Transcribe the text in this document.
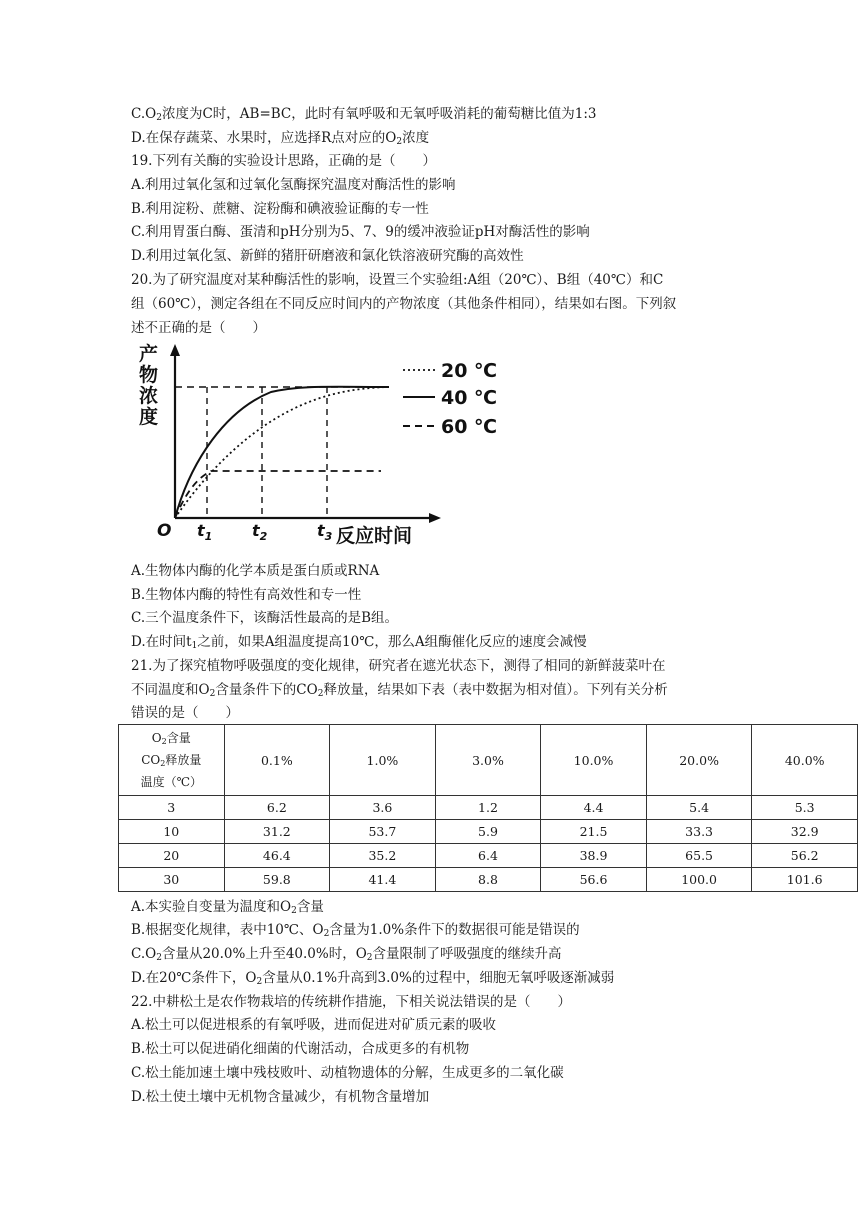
$C.O_2$浓度为C时，AB=BC，此时有氧呼吸和无氧呼吸消耗的葡萄糖比值为1:3
D.在保存蔬菜、水果时，应选择R点对应的$O_2$浓度
19.下列有关酶的实验设计思路，正确的是（　　）
A.利用过氧化氢和过氧化氢酶探究温度对酶活性的影响
B.利用淀粉、蔗糖、淀粉酶和碘液验证酶的专一性
C.利用胃蛋白酶、蛋清和pH分别为5、7、9的缓冲液验证pH对酶活性的影响
D.利用过氧化氢、新鲜的猪肝研磨液和氯化铁溶液研究酶的高效性
20.为了研究温度对某种酶活性的影响，设置三个实验组:A组（20℃）、B组（40℃）和C
组（60℃），测定各组在不同反应时间内的产物浓度（其他条件相同），结果如右图。下列叙
述不正确的是（　　）
A.生物体内酶的化学本质是蛋白质或RNA
B.生物体内酶的特性有高效性和专一性
C.三个温度条件下，该酶活性最高的是B组。
D.在时间$t_1$之前，如果A组温度提高10℃，那么A组酶催化反应的速度会减慢
21.为了探究植物呼吸强度的变化规律，研究者在遮光状态下，测得了相同的新鲜菠菜叶在
不同温度和$O_2$含量条件下的$CO_2$释放量，结果如下表（表中数据为相对值）。下列有关分析
错误的是（　　）
A.本实验自变量为温度和$O_2$含量
B.根据变化规律，表中10℃、$O_2$含量为1.0%条件下的数据很可能是错误的
$C.O_2$含量从20.0%上升至40.0%时，$O_2$含量限制了呼吸强度的继续升高
D.在20℃条件下，$O_2$含量从0.1%升高到3.0%的过程中，细胞无氧呼吸逐渐减弱
22.中耕松土是农作物栽培的传统耕作措施，下相关说法错误的是（　　）
A.松土可以促进根系的有氧呼吸，进而促进对矿质元素的吸收
B.松土可以促进硝化细菌的代谢活动，合成更多的有机物
C.松土能加速土壤中残枝败叶、动植物遗体的分解，生成更多的二氧化碳
D.松土使土壤中无机物含量减少，有机物含量增加
产物浓度
反应时间
O $t_1$ $t_2$	$t_3$
20 ℃
40 ℃
60 ℃
$O_2$含量
$CO_2$释放量
温度（℃）	0.1%	1.0%	3.0%	10.0%	20.0%	40.0%
3	6.2	3.6	1.2	4.4	5.4	5.3
10	31.2	53.7	5.9	21.5	33.3	32.9
20	46.4	35.2	6.4	38.9	65.5	56.2
30	59.8	41.4	8.8	56.6	100.0	101.6
